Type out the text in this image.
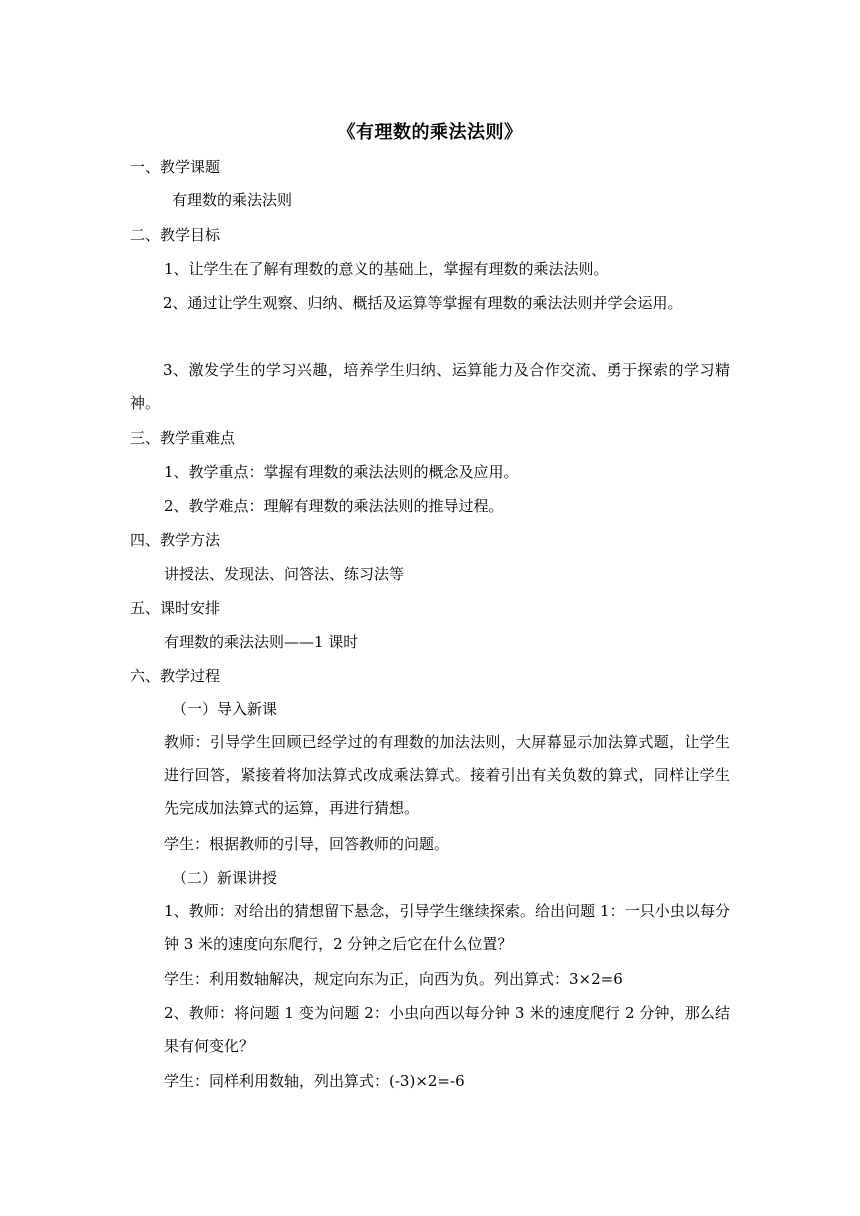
《有理数的乘法法则》
一、教学课题
有理数的乘法法则
二、教学目标
1、让学生在了解有理数的意义的基础上，掌握有理数的乘法法则。
2、通过让学生观察、归纳、概括及运算等掌握有理数的乘法法则并学会运用。
3、激发学生的学习兴趣，培养学生归纳、运算能力及合作交流、勇于探索的学习精神。
三、教学重难点
1、教学重点：掌握有理数的乘法法则的概念及应用。
2、教学难点：理解有理数的乘法法则的推导过程。
四、教学方法
讲授法、发现法、问答法、练习法等
五、课时安排
有理数的乘法法则——1 课时
六、教学过程
（一）导入新课
教师：引导学生回顾已经学过的有理数的加法法则，大屏幕显示加法算式题，让学生进行回答，紧接着将加法算式改成乘法算式。接着引出有关负数的算式，同样让学生先完成加法算式的运算，再进行猜想。
学生：根据教师的引导，回答教师的问题。
（二）新课讲授
1、教师：对给出的猜想留下悬念，引导学生继续探索。给出问题 1：一只小虫以每分钟 3 米的速度向东爬行，2 分钟之后它在什么位置？
学生：利用数轴解决，规定向东为正，向西为负。列出算式：3×2=6
2、教师：将问题 1 变为问题 2：小虫向西以每分钟 3 米的速度爬行 2 分钟，那么结果有何变化？
学生：同样利用数轴，列出算式：(-3)×2=-6
